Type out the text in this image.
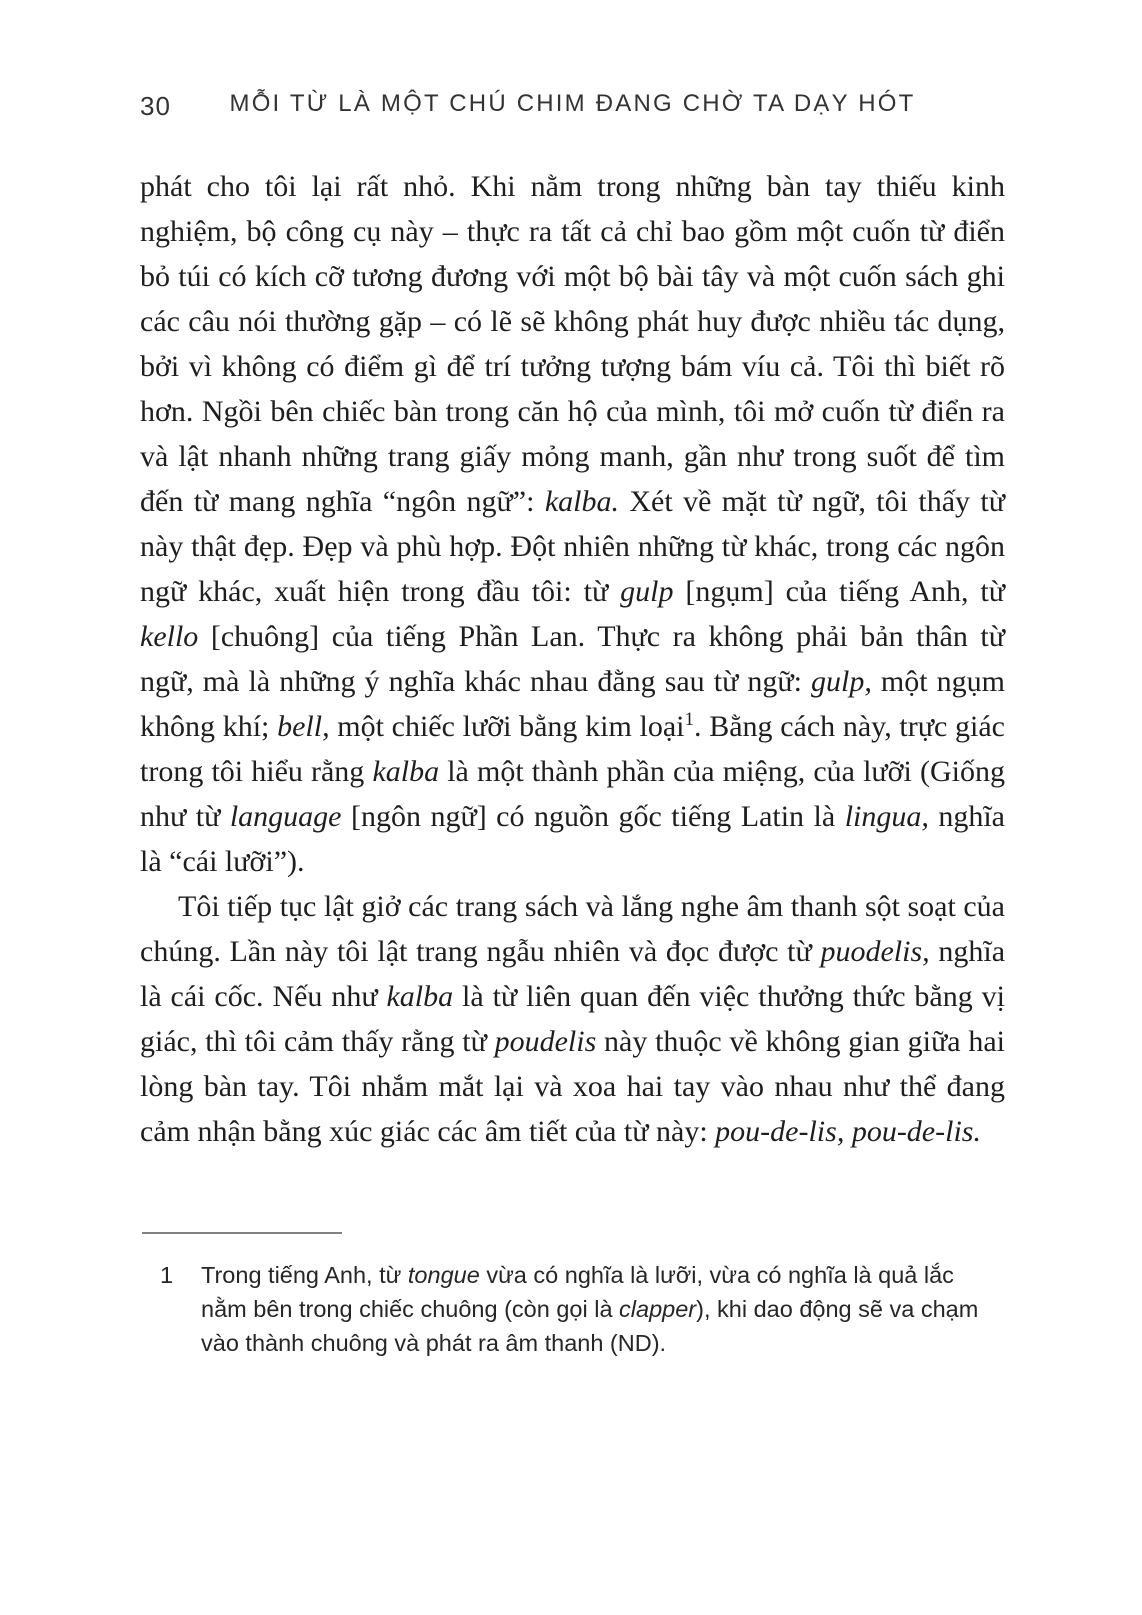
30 MỖI TỪ LÀ MỘT CHÚ CHIM ĐANG CHỜ TA DẠY HÓT

phát cho tôi lại rất nhỏ. Khi nằm trong những bàn tay thiếu kinh nghiệm, bộ công cụ này – thực ra tất cả chỉ bao gồm một cuốn từ điển bỏ túi có kích cỡ tương đương với một bộ bài tây và một cuốn sách ghi các câu nói thường gặp – có lẽ sẽ không phát huy được nhiều tác dụng, bởi vì không có điểm gì để trí tưởng tượng bám víu cả. Tôi thì biết rõ hơn. Ngồi bên chiếc bàn trong căn hộ của mình, tôi mở cuốn từ điển ra và lật nhanh những trang giấy mỏng manh, gần như trong suốt để tìm đến từ mang nghĩa “ngôn ngữ”: kalba. Xét về mặt từ ngữ, tôi thấy từ này thật đẹp. Đẹp và phù hợp. Đột nhiên những từ khác, trong các ngôn ngữ khác, xuất hiện trong đầu tôi: từ gulp [ngụm] của tiếng Anh, từ kello [chuông] của tiếng Phần Lan. Thực ra không phải bản thân từ ngữ, mà là những ý nghĩa khác nhau đằng sau từ ngữ: gulp, một ngụm không khí; bell, một chiếc lưỡi bằng kim loại$^1$. Bằng cách này, trực giác trong tôi hiểu rằng kalba là một thành phần của miệng, của lưỡi (Giống như từ language [ngôn ngữ] có nguồn gốc tiếng Latin là lingua, nghĩa là “cái lưỡi”).

Tôi tiếp tục lật giở các trang sách và lắng nghe âm thanh sột soạt của chúng. Lần này tôi lật trang ngẫu nhiên và đọc được từ puodelis, nghĩa là cái cốc. Nếu như kalba là từ liên quan đến việc thưởng thức bằng vị giác, thì tôi cảm thấy rằng từ poudelis này thuộc về không gian giữa hai lòng bàn tay. Tôi nhắm mắt lại và xoa hai tay vào nhau như thể đang cảm nhận bằng xúc giác các âm tiết của từ này: pou-de-lis, pou-de-lis.

1	Trong tiếng Anh, từ tongue vừa có nghĩa là lưỡi, vừa có nghĩa là quả lắc nằm bên trong chiếc chuông (còn gọi là clapper), khi dao động sẽ va chạm vào thành chuông và phát ra âm thanh (ND).
